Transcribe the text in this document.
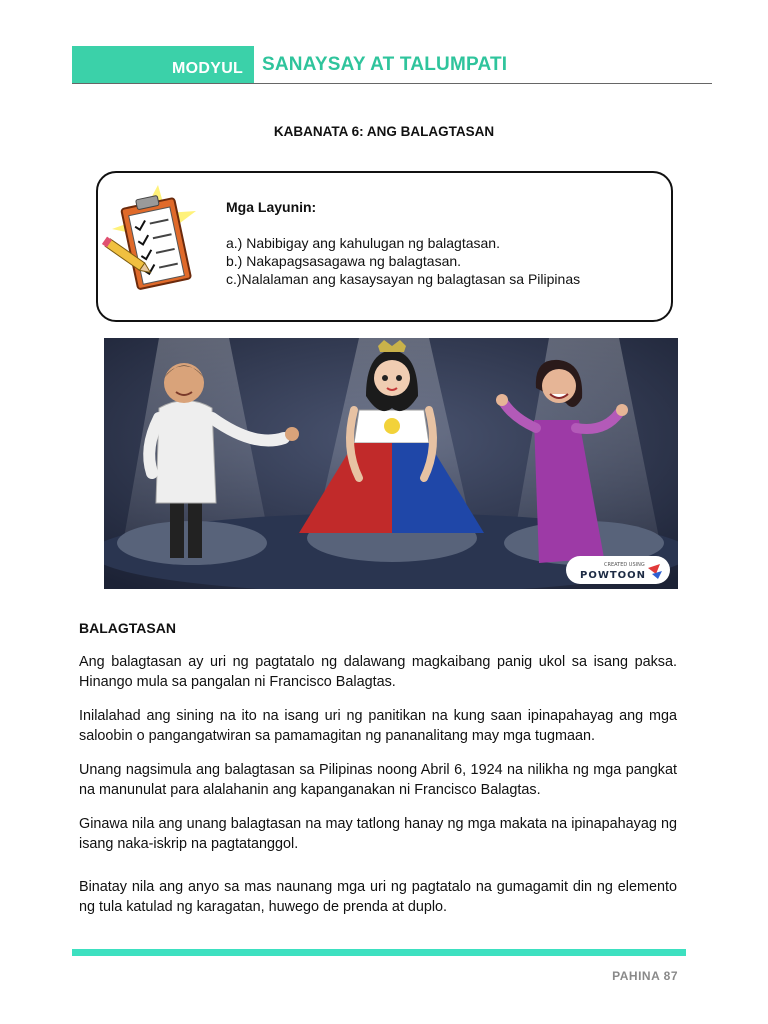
MODYUL SANAYSAY AT TALUMPATI
KABANATA 6: ANG BALAGTASAN
Mga Layunin:
a.) Nabibigay ang kahulugan ng balagtasan.
b.) Nakapagsasagawa ng balagtasan.
c.)Nalalaman ang kasaysayan ng balagtasan sa Pilipinas
CREATED USING
POWTOON
BALAGTASAN

Ang balagtasan ay uri ng pagtatalo ng dalawang magkaibang panig ukol sa isang paksa. Hinango mula sa pangalan ni Francisco Balagtas.

Inilalahad ang sining na ito na isang uri ng panitikan na kung saan ipinapahayag ang mga saloobin o pangangatwiran sa pamamagitan ng pananalitang may mga tugmaan.

Unang nagsimula ang balagtasan sa Pilipinas noong Abril 6, 1924 na nilikha ng mga pangkat na manunulat para alalahanin ang kapanganakan ni Francisco Balagtas.

Ginawa nila ang unang balagtasan na may tatlong hanay ng mga makata na ipinapahayag ng isang naka-iskrip na pagtatanggol.

Binatay nila ang anyo sa mas naunang mga uri ng pagtatalo na gumagamit din ng elemento ng tula katulad ng karagatan, huwego de prenda at duplo.

PAHINA 87
